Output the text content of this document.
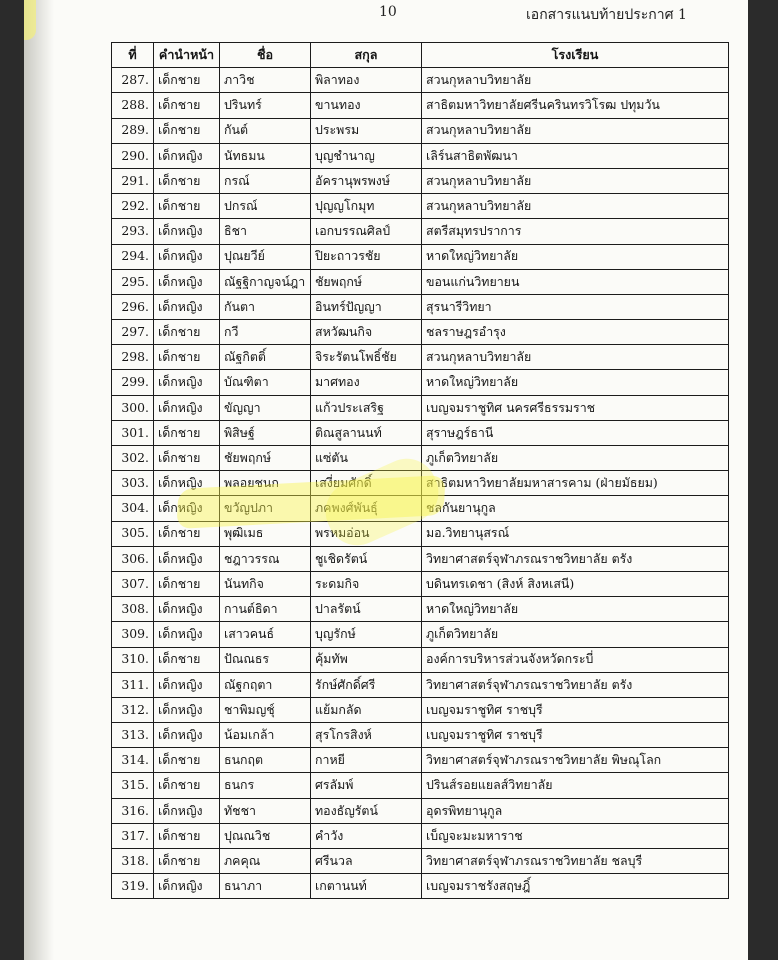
10	เอกสารแนบท้ายประกาศ 1
ที่	คำนำหน้า	ชื่อ	สกุล	โรงเรียน
287.	เด็กชาย	ภาวิช	พิลาทอง	สวนกุหลาบวิทยาลัย
288.	เด็กชาย	ปรินทร์	ขานทอง	สาธิตมหาวิทยาลัยศรีนครินทรวิโรฒ ปทุมวัน
289.	เด็กชาย	กันต์	ประพรม	สวนกุหลาบวิทยาลัย
290.	เด็กหญิง	นัทธมน	บุญชำนาญ	เลิร์นสาธิตพัฒนา
291.	เด็กชาย	กรณ์	อัครานุพรพงษ์	สวนกุหลาบวิทยาลัย
292.	เด็กชาย	ปกรณ์	ปุญญโกมุท	สวนกุหลาบวิทยาลัย
293.	เด็กหญิง	ธิชา	เอกบรรณศิลป์	สตรีสมุทรปราการ
294.	เด็กหญิง	ปุณยวีย์	ปิยะถาวรชัย	หาดใหญ่วิทยาลัย
295.	เด็กหญิง	ณัฐฐิกาญจน์ฎา	ชัยพฤกษ์	ขอนแก่นวิทยายน
296.	เด็กหญิง	กันตา	อินทร์ปัญญา	สุรนารีวิทยา
297.	เด็กชาย	กวี	สหวัฒนกิจ	ชลราษฎรอำรุง
298.	เด็กชาย	ณัฐกิตติ์	จิระรัตนโพธิ์ชัย	สวนกุหลาบวิทยาลัย
299.	เด็กหญิง	บัณฑิตา	มาศทอง	หาดใหญ่วิทยาลัย
300.	เด็กหญิง	ขัญญา	แก้วประเสริฐ	เบญจมราชูทิศ นครศรีธรรมราช
301.	เด็กชาย	พิสิษฐ์	ติณสูลานนท์	สุราษฎร์ธานี
302.	เด็กชาย	ชัยพฤกษ์	แซ่ตัน	ภูเก็ตวิทยาลัย
303.	เด็กหญิง	พลอยชนก	เสงี่ยมศักดิ์	สาธิตมหาวิทยาลัยมหาสารคาม (ฝ่ายมัธยม)
304.	เด็กหญิง	ขวัญปภา	ภคพงศ์พันธุ์	ชลกันยานุกูล
305.	เด็กชาย	พุฒิเมธ	พรหมอ่อน	มอ.วิทยานุสรณ์
306.	เด็กหญิง	ชฎาวรรณ	ชูเชิดรัตน์	วิทยาศาสตร์จุฬาภรณราชวิทยาลัย ตรัง
307.	เด็กชาย	นันทกิจ	ระดมกิจ	บดินทรเดชา (สิงห์ สิงหเสนี)
308.	เด็กหญิง	กานต์ธิดา	ปาลรัตน์	หาดใหญ่วิทยาลัย
309.	เด็กหญิง	เสาวคนธ์	บุญรักษ์	ภูเก็ตวิทยาลัย
310.	เด็กชาย	ปัณณธร	คุ้มทัพ	องค์การบริหารส่วนจังหวัดกระบี่
311.	เด็กหญิง	ณัฐกฤตา	รักษ์ศักดิ์ศรี	วิทยาศาสตร์จุฬาภรณราชวิทยาลัย ตรัง
312.	เด็กหญิง	ชาพิมญชุ์	แย้มกลัด	เบญจมราชูทิศ ราชบุรี
313.	เด็กหญิง	น้อมเกล้า	สุรโกรสิงห์	เบญจมราชูทิศ ราชบุรี
314.	เด็กชาย	ธนกฤต	กาหยี	วิทยาศาสตร์จุฬาภรณราชวิทยาลัย พิษณุโลก
315.	เด็กชาย	ธนกร	ศรลัมพ์	ปรินส์รอยแยลส์วิทยาลัย
316.	เด็กหญิง	ทัชชา	ทองธัญรัตน์	อุดรพิทยานุกูล
317.	เด็กชาย	ปุณณวิช	คำวัง	เบ็ญจะมะมหาราช
318.	เด็กชาย	ภคคุณ	ศรีนวล	วิทยาศาสตร์จุฬาภรณราชวิทยาลัย ชลบุรี
319.	เด็กหญิง	ธนาภา	เกตานนท์	เบญจมราชรังสฤษฎิ์
